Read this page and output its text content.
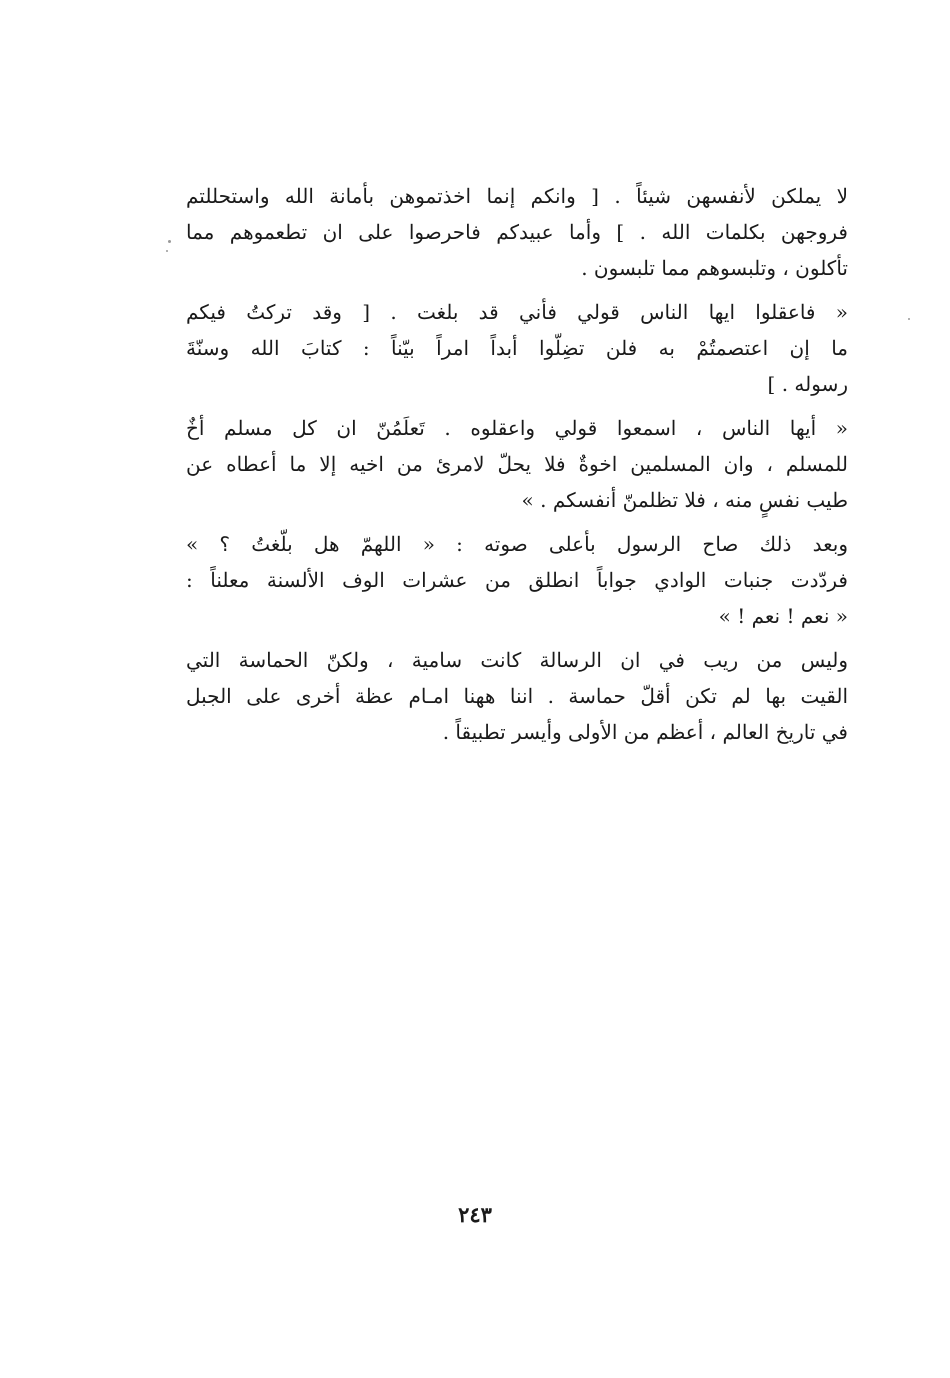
لا يملكن لأنفسهن شيئاً . [ وانكم إنما اخذتموهن بأمانة الله واستحللتم
فروجهن بكلمات الله . ] وأما عبيدكم فاحرصوا على ان تطعموهم مما
تأكلون ، وتلبسوهم مما تلبسون .

« فاعقلوا ايها الناس قولي فأني قد بلغت . [ وقد تركتُ فيكم
ما إن اعتصمتُمْ به فلن تضِلّوا أبداً امراً بيّناً : كتابَ الله وسنّةَ
رسوله . ]

« أيها الناس ، اسمعوا قولي واعقلوه . تَعلَمُنّ ان كل مسلم أخٌ
للمسلم ، وان المسلمين اخوةٌ فلا يحلّ لامرئ من اخيه إلا ما أعطاه عن
طيب نفسٍ منه ، فلا تظلمنّ أنفسكم . »

وبعد ذلك صاح الرسول بأعلى صوته : « اللهمّ هل بلّغتُ ؟ »
فردّدت جنبات الوادي جواباً انطلق من عشرات الوف الألسنة معلناً :
« نعم ! نعم ! »

وليس من ريب في ان الرسالة كانت سامية ، ولكنّ الحماسة التي
القيت بها لم تكن أقلّ حماسة . اننا ههنا امـام عظة أخرى على الجبل
في تاريخ العالم ، أعظم من الأولى وأيسر تطبيقاً .

٢٤٣
